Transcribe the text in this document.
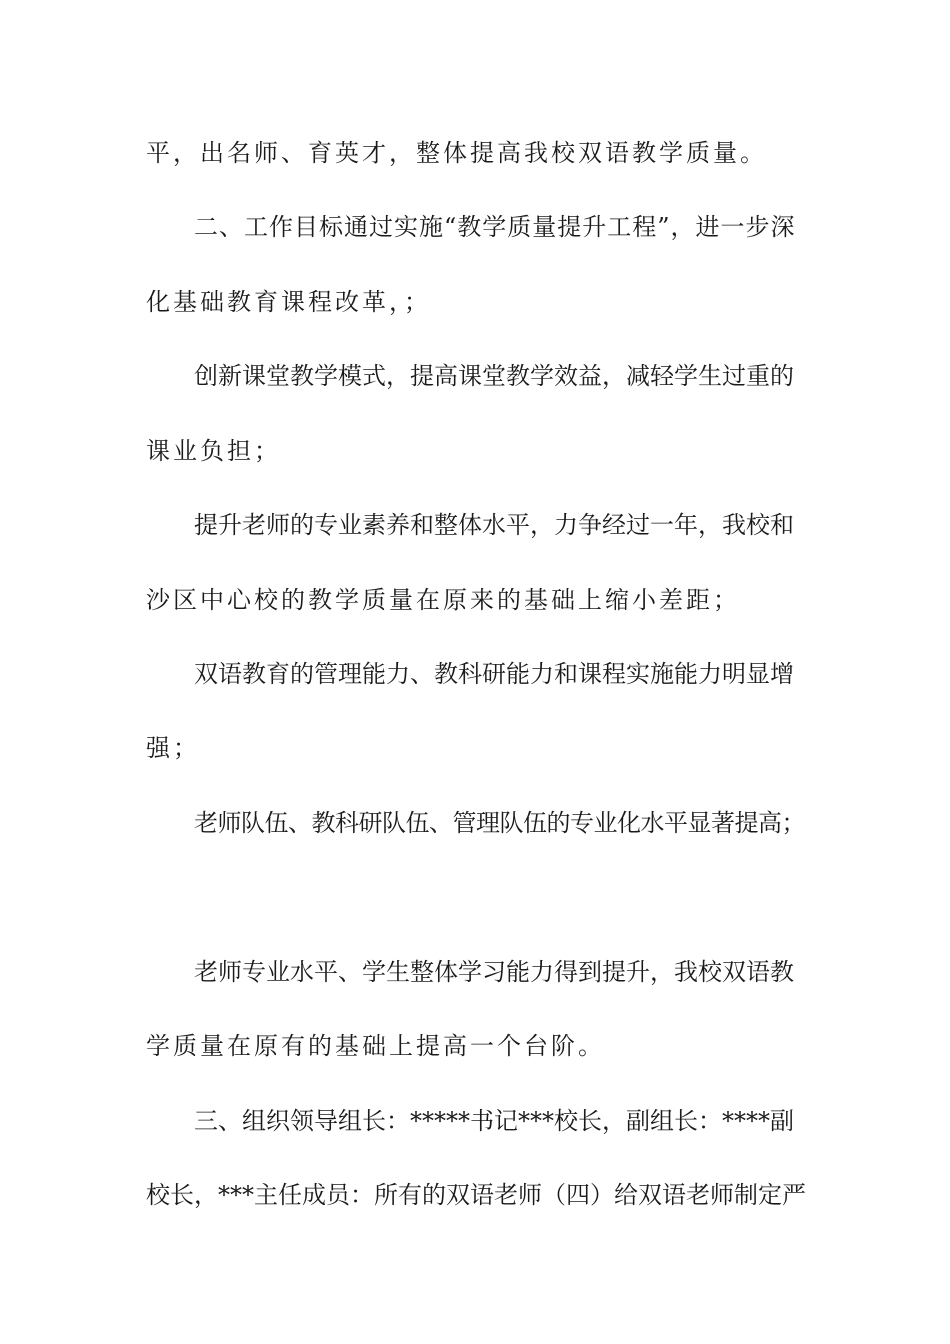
平，出名师、育英才，整体提高我校双语教学质量。

二、工作目标通过实施“教学质量提升工程”，进一步深

化基础教育课程改革，；

创新课堂教学模式，提高课堂教学效益，减轻学生过重的

课业负担；

提升老师的专业素养和整体水平，力争经过一年，我校和

沙区中心校的教学质量在原来的基础上缩小差距；

双语教育的管理能力、教科研能力和课程实施能力明显增

强；

老师队伍、教科研队伍、管理队伍的专业化水平显著提高；

老师专业水平、学生整体学习能力得到提升，我校双语教

学质量在原有的基础上提高一个台阶。

三、组织领导组长：*****书记***校长，副组长：****副

校长，***主任成员：所有的双语老师（四）给双语老师制定严
